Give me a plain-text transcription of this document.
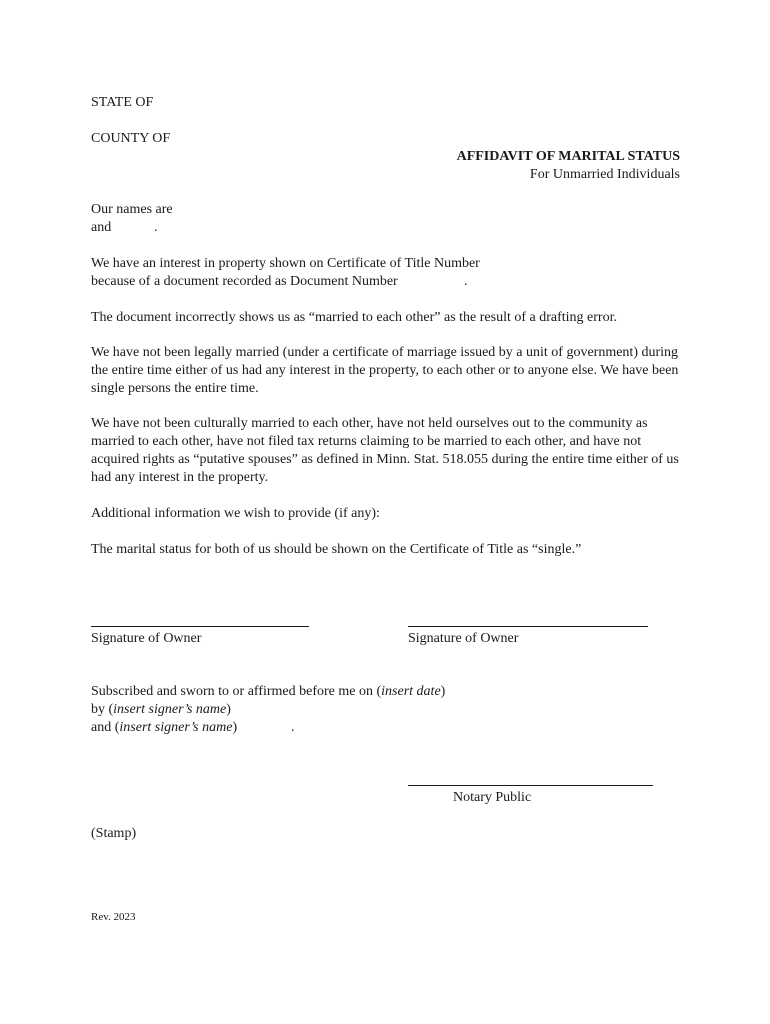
STATE OF
COUNTY OF
AFFIDAVIT OF MARITAL STATUS
For Unmarried Individuals
Our names are
and	.
We have an interest in property shown on Certificate of Title Number
because of a document recorded as Document Number	.
The document incorrectly shows us as “married to each other” as the result of a drafting error.
We have not been legally married (under a certificate of marriage issued by a unit of government) during the entire time either of us had any interest in the property, to each other or to anyone else. We have been single persons the entire time.
We have not been culturally married to each other, have not held ourselves out to the community as married to each other, have not filed tax returns claiming to be married to each other, and have not acquired rights as “putative spouses” as defined in Minn. Stat. 518.055 during the entire time either of us had any interest in the property.
Additional information we wish to provide (if any):
The marital status for both of us should be shown on the Certificate of Title as “single.”
Signature of Owner	Signature of Owner
Subscribed and sworn to or affirmed before me on (insert date)
by (insert signer’s name)
and (insert signer’s name)	.
Notary Public
(Stamp)
Rev. 2023
